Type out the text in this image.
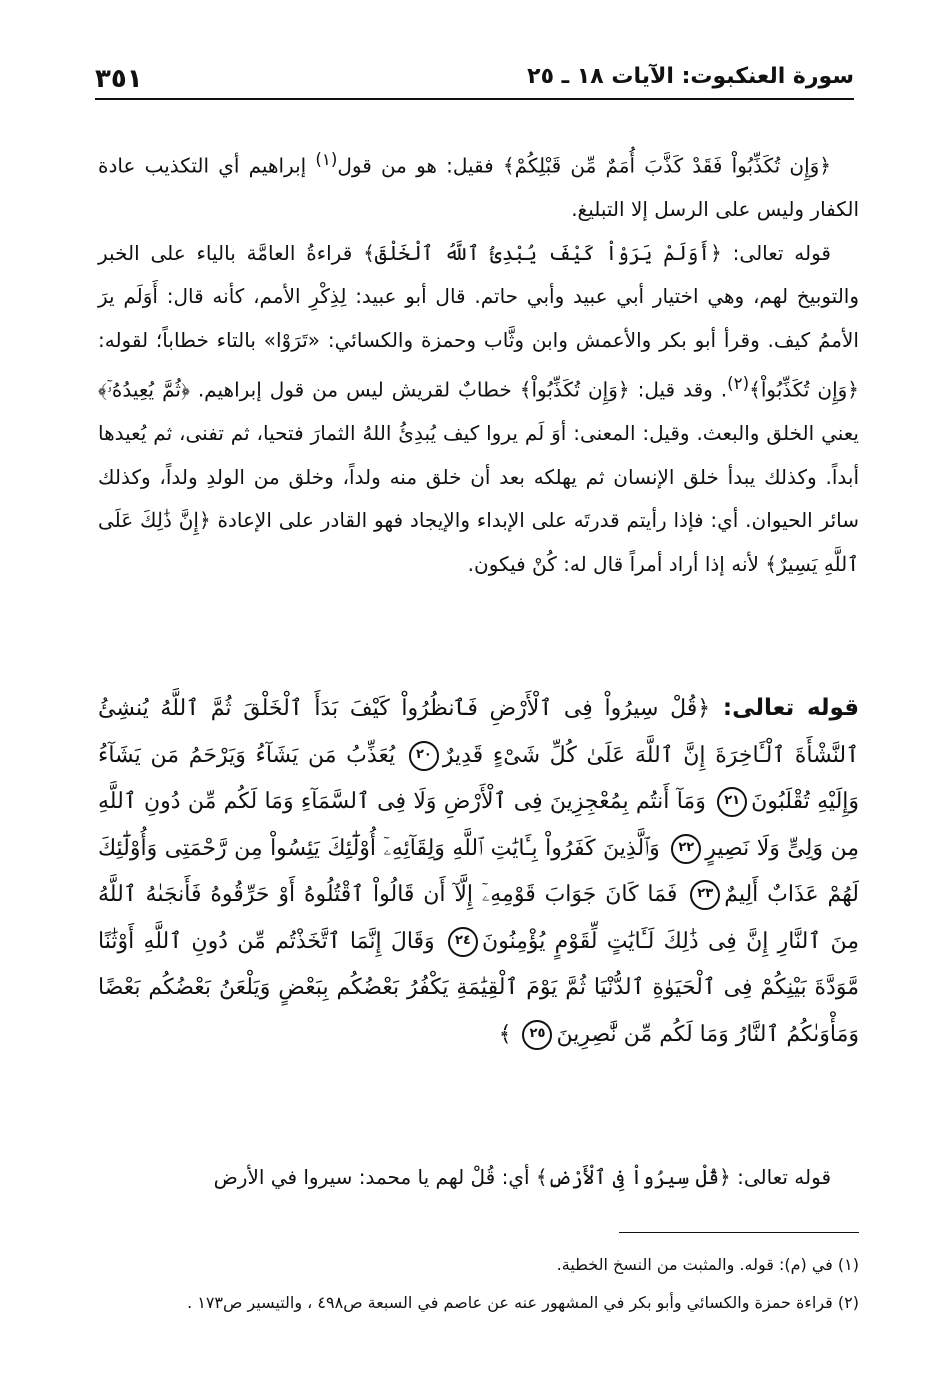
سورة العنكبوت: الآيات ١٨ ـ ٢٥
٣٥١

﴿وَإِن تُكَذِّبُواْ فَقَدْ كَذَّبَ أُمَمٌ مِّن قَبْلِكُمْ﴾ فقيل: هو من قول$^{(١)}$ إبراهيم أي التكذيب عادة الكفار وليس على الرسل إلا التبليغ.

قوله تعالى: ﴿أَوَلَمْ يَرَوْاْ كَيْفَ يُبْدِئُ ٱللَّهُ ٱلْخَلْقَ﴾ قراءةُ العامَّة بالياء على الخبر والتوبيخ لهم، وهي اختيار أبي عبيد وأبي حاتم. قال أبو عبيد: لِذِكْرِ الأمم، كأنه قال: أَوَلَم يرَ الأممُ كيف. وقرأ أبو بكر والأعمش وابن وثَّاب وحمزة والكسائي: «تَرَوْا» بالتاء خطاباً؛ لقوله: ﴿وَإِن تُكَذِّبُواْ﴾$^{(٢)}$. وقد قيل: ﴿وَإِن تُكَذِّبُواْ﴾ خطابٌ لقريش ليس من قول إبراهيم. ﴿ثُمَّ يُعِيدُهُۥٓ﴾ يعني الخلق والبعث. وقيل: المعنى: أوَ لَم يروا كيف يُبدِئُ اللهُ الثمارَ فتحيا، ثم تفنى، ثم يُعيدها أبداً. وكذلك يبدأ خلق الإنسان ثم يهلكه بعد أن خلق منه ولداً، وخلق من الولدِ ولداً، وكذلك سائر الحيوان. أي: فإذا رأيتم قدرتَه على الإبداء والإيجاد فهو القادر على الإعادة ﴿إِنَّ ذَٰلِكَ عَلَى ٱللَّهِ يَسِيرٌ﴾ لأنه إذا أراد أمراً قال له: كُنْ فيكون.

قوله تعالى: ﴿قُلْ سِيرُواْ فِى ٱلْأَرْضِ فَٱنظُرُواْ كَيْفَ بَدَأَ ٱلْخَلْقَ ثُمَّ ٱللَّهُ يُنشِئُ ٱلنَّشْأَةَ ٱلْـَٔاخِرَةَ إِنَّ ٱللَّهَ عَلَىٰ كُلِّ شَىْءٍ قَدِيرٌ٢٠ يُعَذِّبُ مَن يَشَآءُ وَيَرْحَمُ مَن يَشَآءُ وَإِلَيْهِ تُقْلَبُونَ٢١ وَمَآ أَنتُم بِمُعْجِزِينَ فِى ٱلْأَرْضِ وَلَا فِى ٱلسَّمَآءِ وَمَا لَكُم مِّن دُونِ ٱللَّهِ مِن وَلِىٍّ وَلَا نَصِيرٍ٢٢ وَٱلَّذِينَ كَفَرُواْ بِـَٔايَٰتِ ٱللَّهِ وَلِقَآئِهِۦٓ أُوْلَٰٓئِكَ يَئِسُواْ مِن رَّحْمَتِى وَأُوْلَٰٓئِكَ لَهُمْ عَذَابٌ أَلِيمٌ٢٣ فَمَا كَانَ جَوَابَ قَوْمِهِۦٓ إِلَّآ أَن قَالُواْ ٱقْتُلُوهُ أَوْ حَرِّقُوهُ فَأَنجَىٰهُ ٱللَّهُ مِنَ ٱلنَّارِ إِنَّ فِى ذَٰلِكَ لَـَٔايَٰتٍ لِّقَوْمٍ يُؤْمِنُونَ٢٤ وَقَالَ إِنَّمَا ٱتَّخَذْتُم مِّن دُونِ ٱللَّهِ أَوْثَٰنًا مَّوَدَّةَ بَيْنِكُمْ فِى ٱلْحَيَوٰةِ ٱلدُّنْيَا ثُمَّ يَوْمَ ٱلْقِيَٰمَةِ يَكْفُرُ بَعْضُكُم بِبَعْضٍ وَيَلْعَنُ بَعْضُكُم بَعْضًا وَمَأْوَىٰكُمُ ٱلنَّارُ وَمَا لَكُم مِّن نَّٰصِرِينَ٢٥ ﴾

قوله تعالى: ﴿قُلْ سِيرُواْ فِى ٱلْأَرْضِ﴾ أي: قُلْ لهم يا محمد: سيروا في الأرض

(١) في (م): قوله. والمثبت من النسخ الخطية.

(٢) قراءة حمزة والكسائي وأبو بكر في المشهور عنه عن عاصم في السبعة ص٤٩٨ ، والتيسير ص١٧٣ .
